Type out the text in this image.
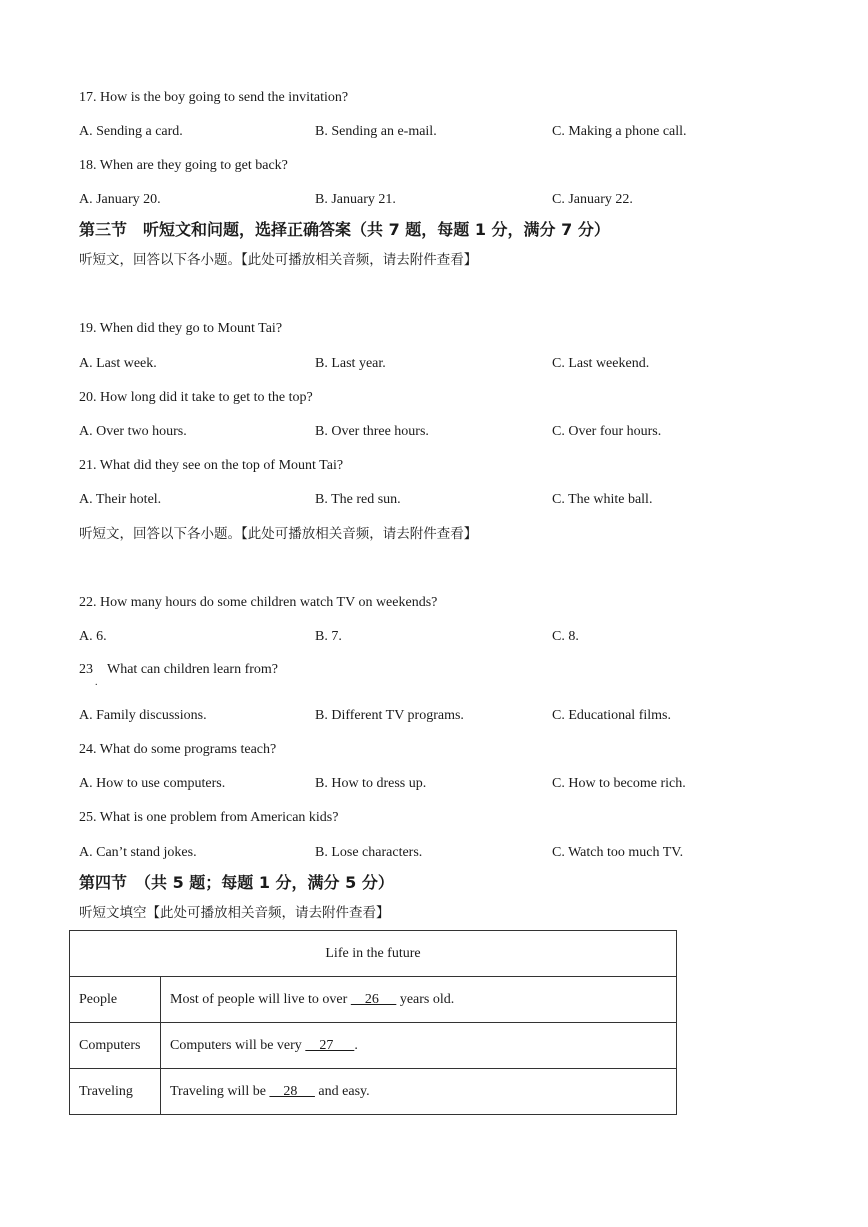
17. How is the boy going to send the invitation?
A. Sending a card.	B. Sending an e-mail.	C. Making a phone call.
18. When are they going to get back?
A. January 20.	B. January 21.	C. January 22.
第三节　听短文和问题，选择正确答案（共 7 题，每题 1 分，满分 7 分）
听短文，回答以下各小题。【此处可播放相关音频，请去附件查看】
19. When did they go to Mount Tai?
A. Last week.	B. Last year.	C. Last weekend.
20. How long did it take to get to the top?
A. Over two hours.	B. Over three hours.	C. Over four hours.
21. What did they see on the top of Mount Tai?
A. Their hotel.	B. The red sun.	C. The white ball.
听短文，回答以下各小题。【此处可播放相关音频，请去附件查看】
22. How many hours do some children watch TV on weekends?
A. 6.	B. 7.	C. 8.
23　What can children learn from?
.
A. Family discussions.	B. Different TV programs.	C. Educational films.
24. What do some programs teach?
A. How to use computers.	B. How to dress up.	C. How to become rich.
25. What is one problem from American kids?
A. Can’t stand jokes.	B. Lose characters.	C. Watch too much TV.
第四节　（共 5 题；每题 1 分，满分 5 分）
听短文填空【此处可播放相关音频，请去附件查看】
Life in the future	
People	Most of people will live to over     26      years old.
Computers	Computers will be very     27      .
Traveling	Traveling will be     28      and easy.
